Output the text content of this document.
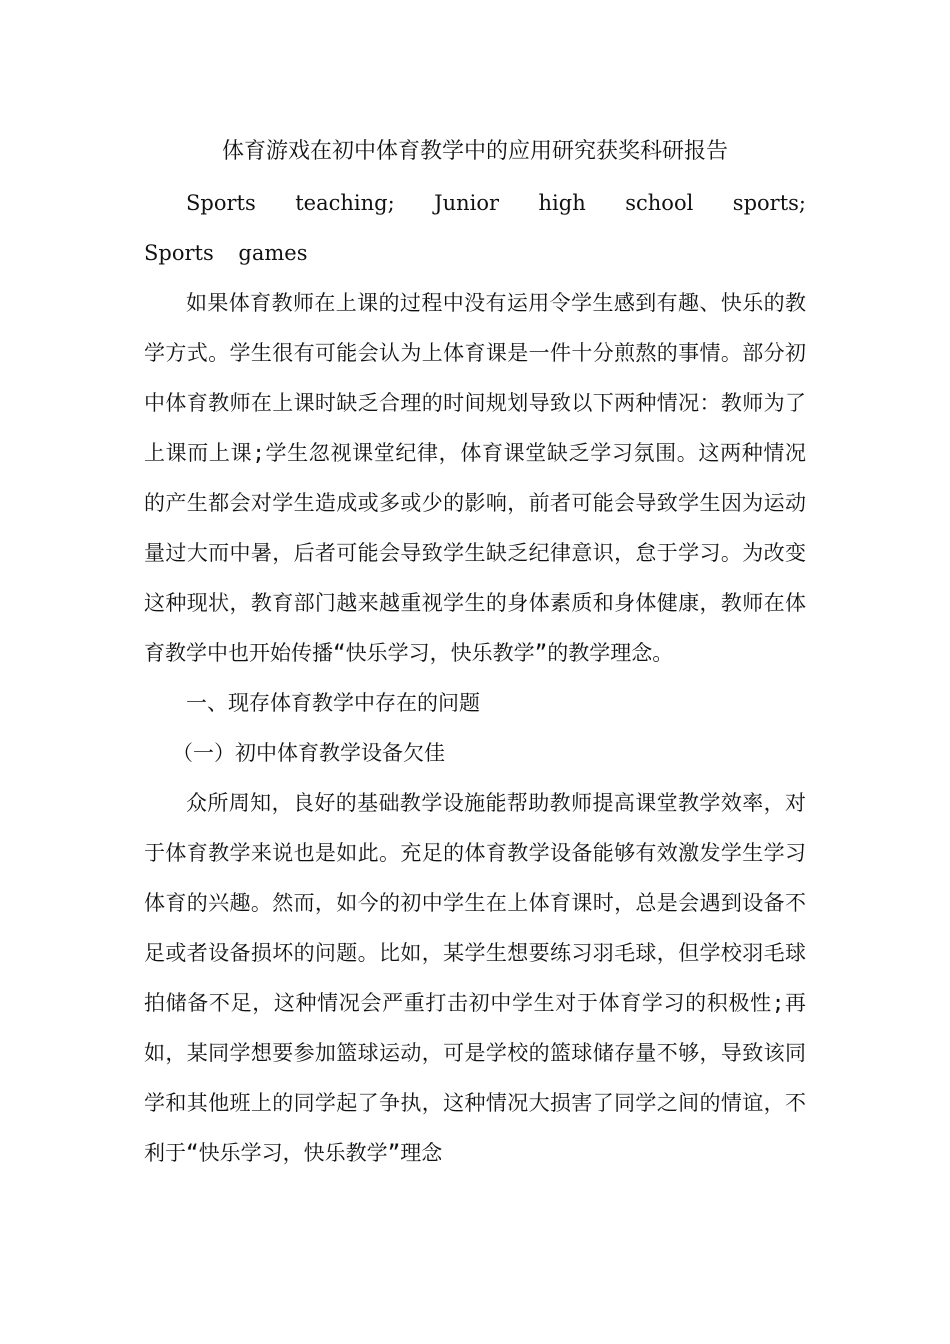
体育游戏在初中体育教学中的应用研究获奖科研报告

Sports teaching; Junior high school sports; Sports games

如果体育教师在上课的过程中没有运用令学生感到有趣、快乐的教学方式。学生很有可能会认为上体育课是一件十分煎熬的事情。部分初中体育教师在上课时缺乏合理的时间规划导致以下两种情况：教师为了上课而上课;学生忽视课堂纪律，体育课堂缺乏学习氛围。这两种情况的产生都会对学生造成或多或少的影响，前者可能会导致学生因为运动量过大而中暑，后者可能会导致学生缺乏纪律意识，怠于学习。为改变这种现状，教育部门越来越重视学生的身体素质和身体健康，教师在体育教学中也开始传播“快乐学习，快乐教学”的教学理念。

一、现存体育教学中存在的问题

（一）初中体育教学设备欠佳

众所周知，良好的基础教学设施能帮助教师提高课堂教学效率，对于体育教学来说也是如此。充足的体育教学设备能够有效激发学生学习体育的兴趣。然而，如今的初中学生在上体育课时，总是会遇到设备不足或者设备损坏的问题。比如，某学生想要练习羽毛球，但学校羽毛球拍储备不足，这种情况会严重打击初中学生对于体育学习的积极性;再如，某同学想要参加篮球运动，可是学校的篮球储存量不够，导致该同学和其他班上的同学起了争执，这种情况大损害了同学之间的情谊，不利于“快乐学习，快乐教学”理念
